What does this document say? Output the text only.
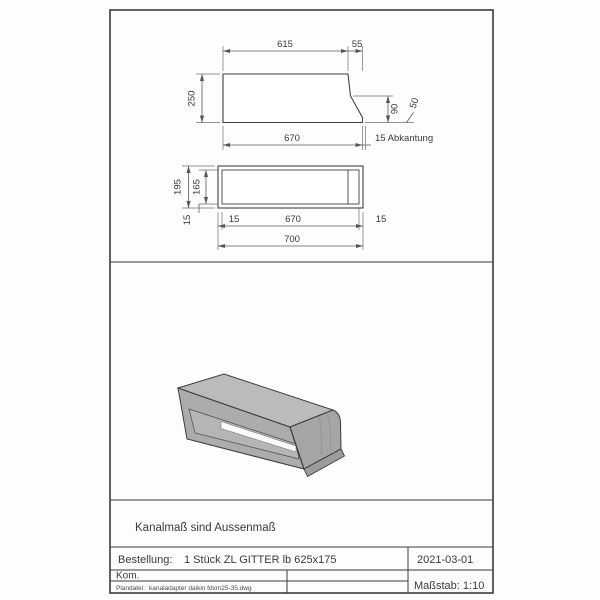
615	55
250
90 50
670	15 Abkantung
195 165
15	15	670	15
700
Kanalmaß sind Aussenmaß
Bestellung: 1 Stück ZL GITTER lb 625x175	2021-03-01
Kom.
Plandatei: kanaladapter daikin fdxm25-35.dwg	Maßstab: 1:10
